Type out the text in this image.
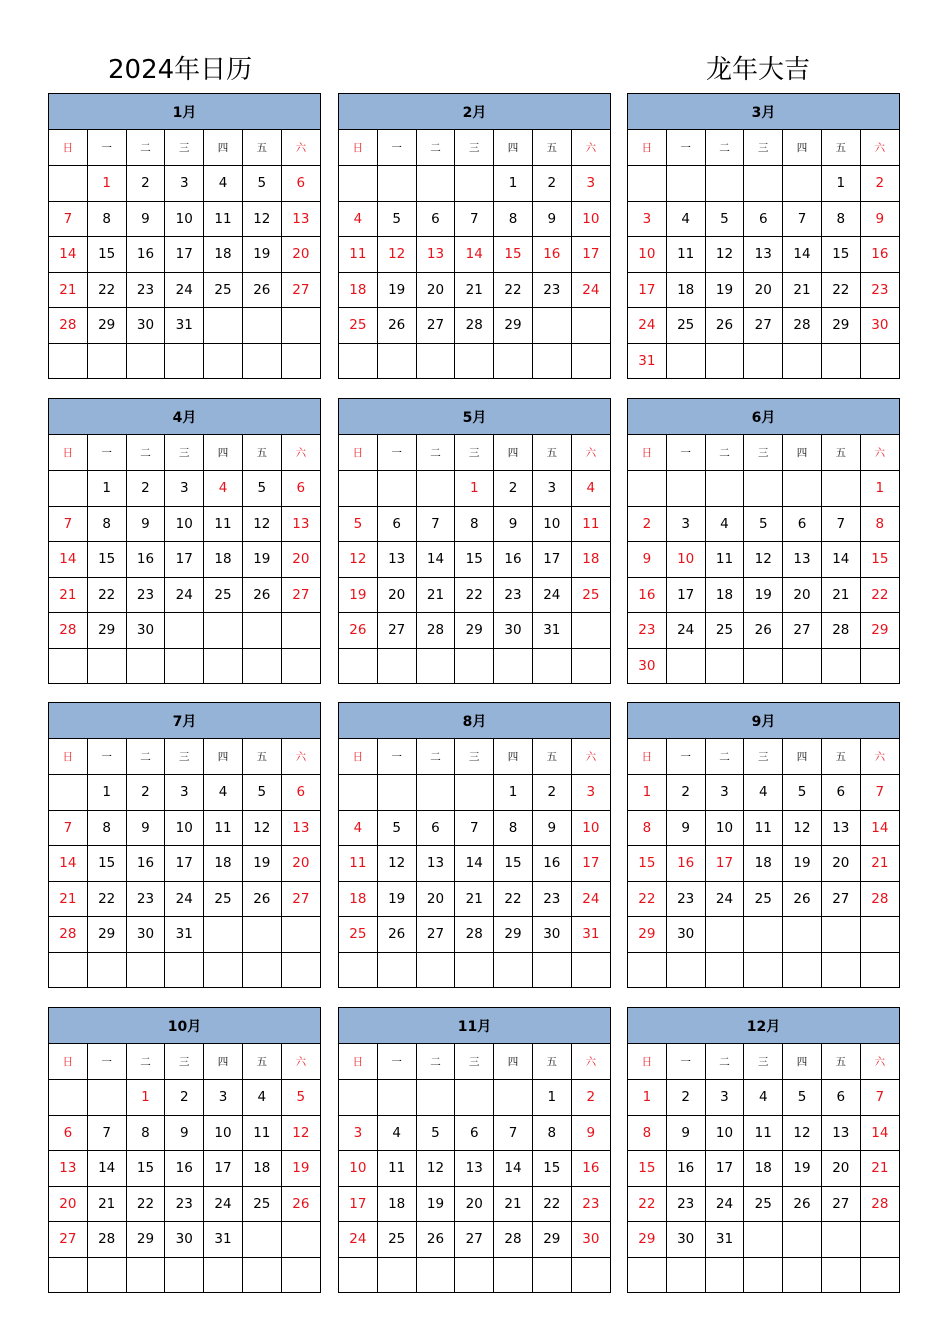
2024年日历	龙年大吉
1月						
日	一	二	三	四	五	六
	1	2	3	4	5	6
7	8	9	10	11	12	13
14	15	16	17	18	19	20
21	22	23	24	25	26	27
28	29	30	31			

2月						
日	一	二	三	四	五	六
				1	2	3
4	5	6	7	8	9	10
11	12	13	14	15	16	17
18	19	20	21	22	23	24
25	26	27	28	29		

3月						
日	一	二	三	四	五	六
					1	2
3	4	5	6	7	8	9
10	11	12	13	14	15	16
17	18	19	20	21	22	23
24	25	26	27	28	29	30
31						
4月						
日	一	二	三	四	五	六
	1	2	3	4	5	6
7	8	9	10	11	12	13
14	15	16	17	18	19	20
21	22	23	24	25	26	27
28	29	30				

5月						
日	一	二	三	四	五	六
			1	2	3	4
5	6	7	8	9	10	11
12	13	14	15	16	17	18
19	20	21	22	23	24	25
26	27	28	29	30	31	

6月						
日	一	二	三	四	五	六
						1
2	3	4	5	6	7	8
9	10	11	12	13	14	15
16	17	18	19	20	21	22
23	24	25	26	27	28	29
30						
7月						
日	一	二	三	四	五	六
	1	2	3	4	5	6
7	8	9	10	11	12	13
14	15	16	17	18	19	20
21	22	23	24	25	26	27
28	29	30	31			

8月						
日	一	二	三	四	五	六
				1	2	3
4	5	6	7	8	9	10
11	12	13	14	15	16	17
18	19	20	21	22	23	24
25	26	27	28	29	30	31

9月						
日	一	二	三	四	五	六
1	2	3	4	5	6	7
8	9	10	11	12	13	14
15	16	17	18	19	20	21
22	23	24	25	26	27	28
29	30					

10月						
日	一	二	三	四	五	六
		1	2	3	4	5
6	7	8	9	10	11	12
13	14	15	16	17	18	19
20	21	22	23	24	25	26
27	28	29	30	31		

11月						
日	一	二	三	四	五	六
					1	2
3	4	5	6	7	8	9
10	11	12	13	14	15	16
17	18	19	20	21	22	23
24	25	26	27	28	29	30

12月						
日	一	二	三	四	五	六
1	2	3	4	5	6	7
8	9	10	11	12	13	14
15	16	17	18	19	20	21
22	23	24	25	26	27	28
29	30	31				
